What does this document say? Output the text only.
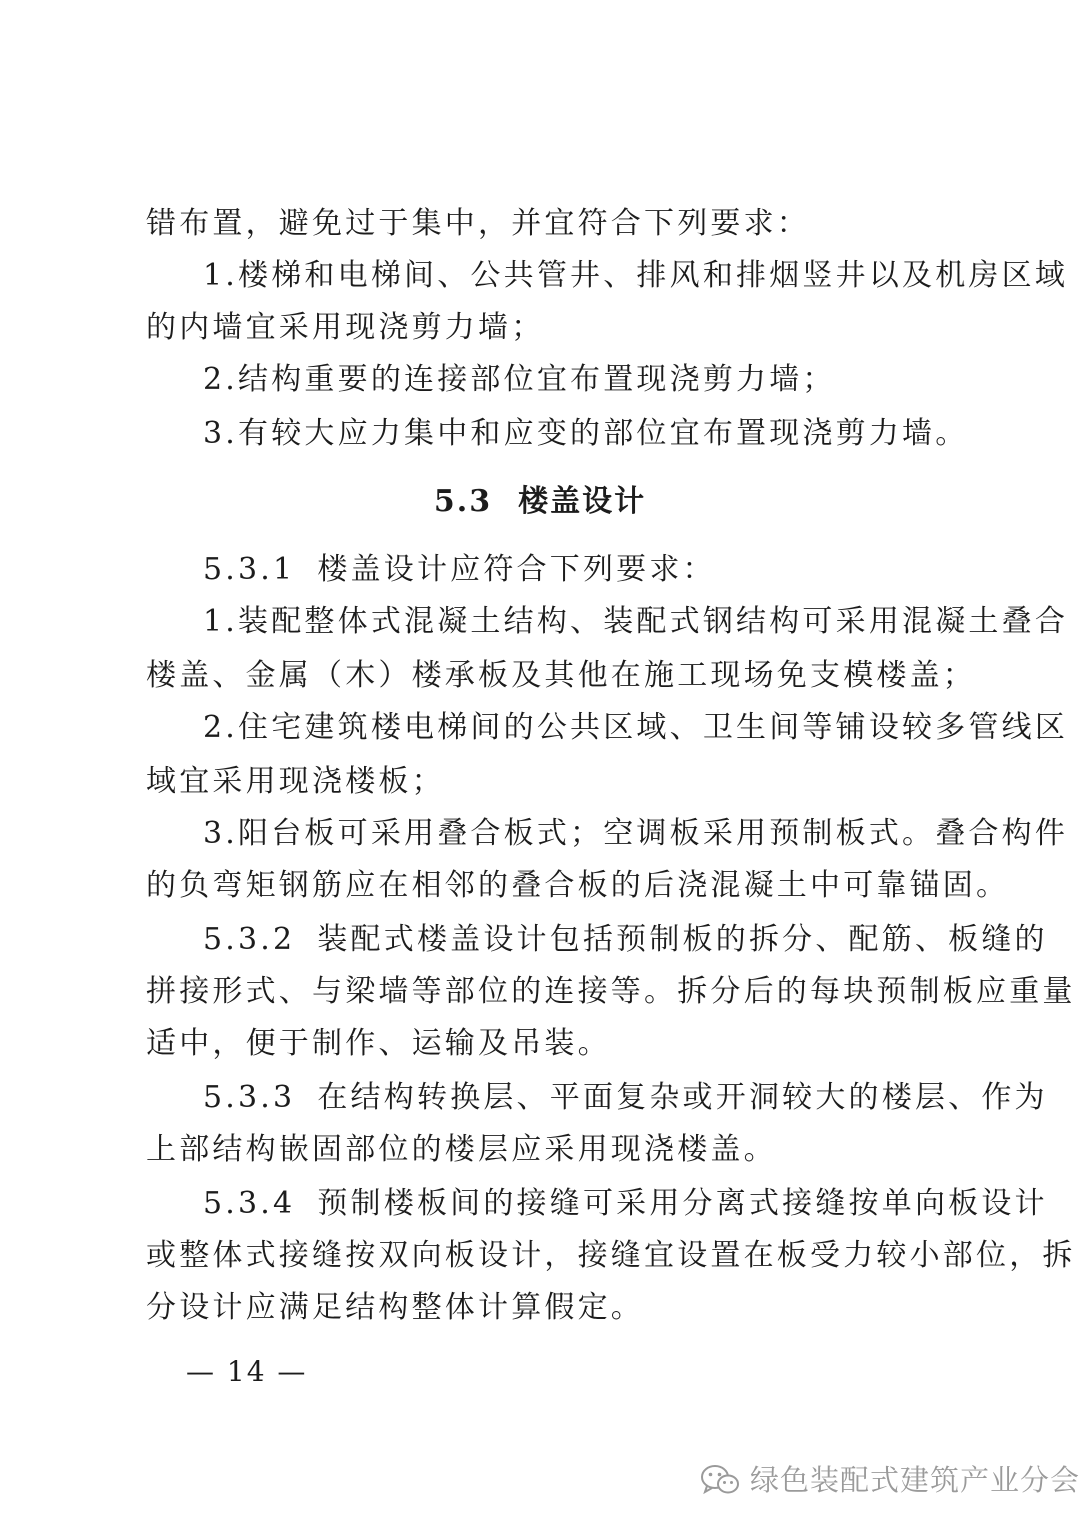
错布置，避免过于集中，并宜符合下列要求：
1.楼梯和电梯间、公共管井、排风和排烟竖井以及机房区域
的内墙宜采用现浇剪力墙；
2.结构重要的连接部位宜布置现浇剪力墙；
3.有较大应力集中和应变的部位宜布置现浇剪力墙。
5.3 楼盖设计
5.3.1 楼盖设计应符合下列要求：
1.装配整体式混凝土结构、装配式钢结构可采用混凝土叠合
楼盖、金属（木）楼承板及其他在施工现场免支模楼盖；
2.住宅建筑楼电梯间的公共区域、卫生间等铺设较多管线区
域宜采用现浇楼板；
3.阳台板可采用叠合板式；空调板采用预制板式。叠合构件
的负弯矩钢筋应在相邻的叠合板的后浇混凝土中可靠锚固。
5.3.2 装配式楼盖设计包括预制板的拆分、配筋、板缝的
拼接形式、与梁墙等部位的连接等。拆分后的每块预制板应重量
适中，便于制作、运输及吊装。
5.3.3 在结构转换层、平面复杂或开洞较大的楼层、作为
上部结构嵌固部位的楼层应采用现浇楼盖。
5.3.4 预制楼板间的接缝可采用分离式接缝按单向板设计
或整体式接缝按双向板设计，接缝宜设置在板受力较小部位，拆
分设计应满足结构整体计算假定。
— 14 —
绿色装配式建筑产业分会
